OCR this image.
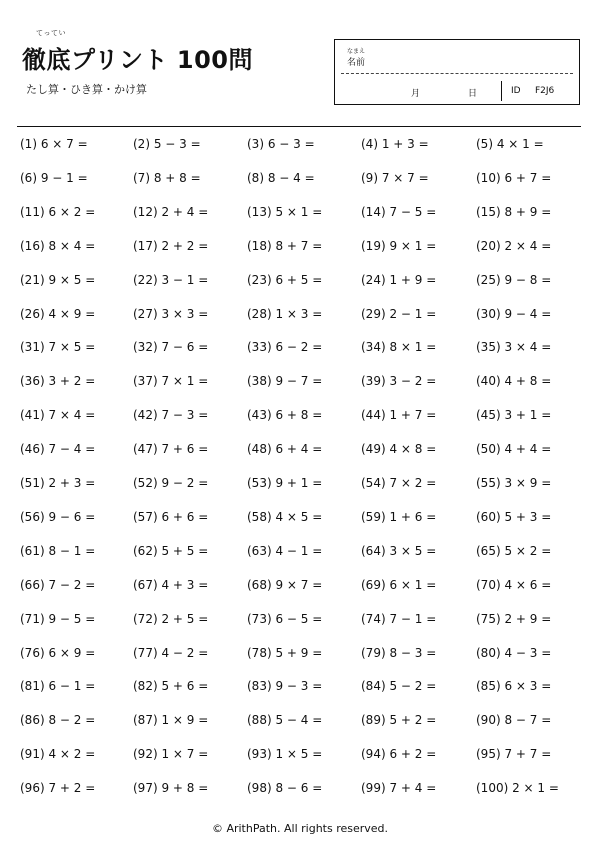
てってい
徹底プリント 100問
たし算・ひき算・かけ算
なまえ
名前
月	日	ID F2J6
(1) 6 × 7 =	(2) 5 − 3 =	(3) 6 − 3 =	(4) 1 + 3 =	(5) 4 × 1 =
(6) 9 − 1 =	(7) 8 + 8 =	(8) 8 − 4 =	(9) 7 × 7 =	(10) 6 + 7 =
(11) 6 × 2 =	(12) 2 + 4 =	(13) 5 × 1 =	(14) 7 − 5 =	(15) 8 + 9 =
(16) 8 × 4 =	(17) 2 + 2 =	(18) 8 + 7 =	(19) 9 × 1 =	(20) 2 × 4 =
(21) 9 × 5 =	(22) 3 − 1 =	(23) 6 + 5 =	(24) 1 + 9 =	(25) 9 − 8 =
(26) 4 × 9 =	(27) 3 × 3 =	(28) 1 × 3 =	(29) 2 − 1 =	(30) 9 − 4 =
(31) 7 × 5 =	(32) 7 − 6 =	(33) 6 − 2 =	(34) 8 × 1 =	(35) 3 × 4 =
(36) 3 + 2 =	(37) 7 × 1 =	(38) 9 − 7 =	(39) 3 − 2 =	(40) 4 + 8 =
(41) 7 × 4 =	(42) 7 − 3 =	(43) 6 + 8 =	(44) 1 + 7 =	(45) 3 + 1 =
(46) 7 − 4 =	(47) 7 + 6 =	(48) 6 + 4 =	(49) 4 × 8 =	(50) 4 + 4 =
(51) 2 + 3 =	(52) 9 − 2 =	(53) 9 + 1 =	(54) 7 × 2 =	(55) 3 × 9 =
(56) 9 − 6 =	(57) 6 + 6 =	(58) 4 × 5 =	(59) 1 + 6 =	(60) 5 + 3 =
(61) 8 − 1 =	(62) 5 + 5 =	(63) 4 − 1 =	(64) 3 × 5 =	(65) 5 × 2 =
(66) 7 − 2 =	(67) 4 + 3 =	(68) 9 × 7 =	(69) 6 × 1 =	(70) 4 × 6 =
(71) 9 − 5 =	(72) 2 + 5 =	(73) 6 − 5 =	(74) 7 − 1 =	(75) 2 + 9 =
(76) 6 × 9 =	(77) 4 − 2 =	(78) 5 + 9 =	(79) 8 − 3 =	(80) 4 − 3 =
(81) 6 − 1 =	(82) 5 + 6 =	(83) 9 − 3 =	(84) 5 − 2 =	(85) 6 × 3 =
(86) 8 − 2 =	(87) 1 × 9 =	(88) 5 − 4 =	(89) 5 + 2 =	(90) 8 − 7 =
(91) 4 × 2 =	(92) 1 × 7 =	(93) 1 × 5 =	(94) 6 + 2 =	(95) 7 + 7 =
(96) 7 + 2 =	(97) 9 + 8 =	(98) 8 − 6 =	(99) 7 + 4 =	(100) 2 × 1 =
© ArithPath. All rights reserved.
